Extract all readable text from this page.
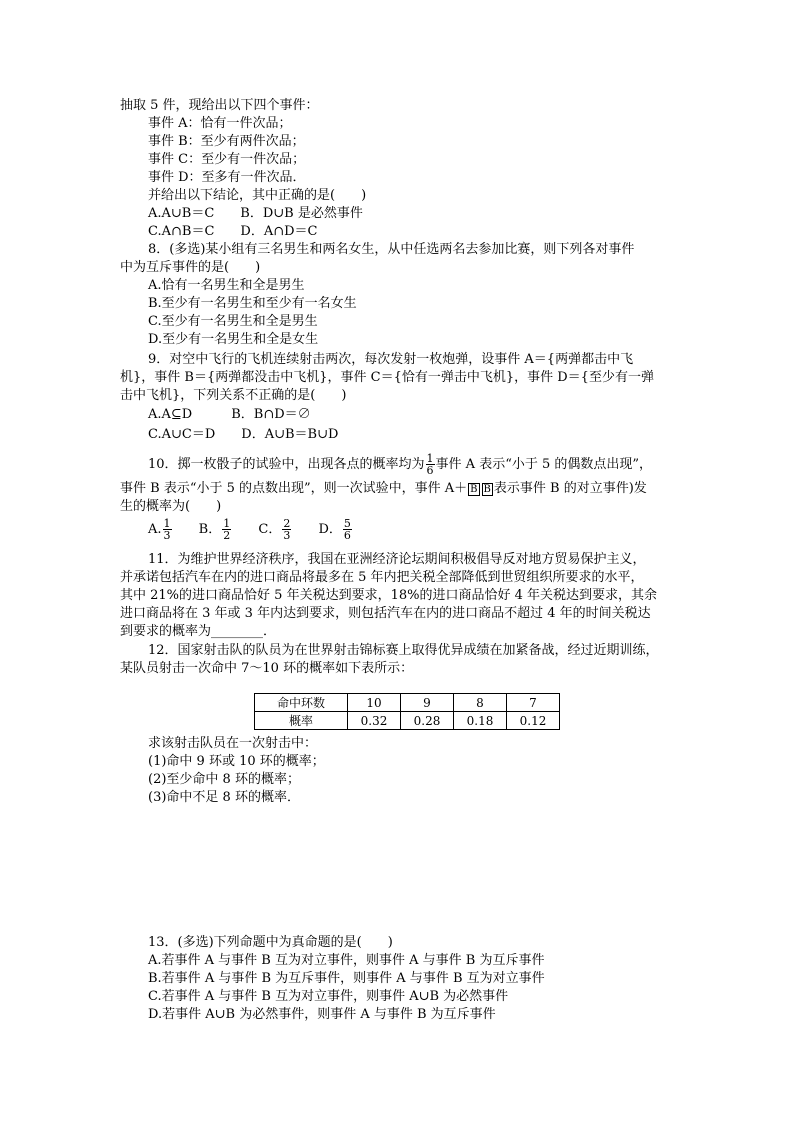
抽取 5 件，现给出以下四个事件：
事件 A：恰有一件次品；
事件 B：至少有两件次品；
事件 C：至少有一件次品；
事件 D：至多有一件次品．
并给出以下结论，其中正确的是(　　)
A.A∪B＝C　　B．D∪B 是必然事件
C.A∩B＝C　　D．A∩D＝C
8．(多选)某小组有三名男生和两名女生，从中任选两名去参加比赛，则下列各对事件
中为互斥事件的是(　　)
A.恰有一名男生和全是男生
B.至少有一名男生和至少有一名女生
C.至少有一名男生和全是男生
D.至少有一名男生和全是女生
9．对空中飞行的飞机连续射击两次，每次发射一枚炮弹，设事件 A＝{两弹都击中飞
机}，事件 B＝{两弹都没击中飞机}，事件 C＝{恰有一弹击中飞机}，事件 D＝{至少有一弹
击中飞机}，下列关系不正确的是(　　)
A.A⊆D　　　B．B∩D＝∅
C.A∪C＝D　　D．A∪B＝B∪D
10．掷一枚骰子的试验中，出现各点的概率均为 $\frac{1}{6}$ 事件 A 表示“小于 5 的偶数点出现”，
事件 B 表示“小于 5 的点数出现”，则一次试验中，事件 A＋ B B 表示事件 B 的对立事件)发
生的概率为(　　)
A. $\frac{1}{3}$ B． $\frac{1}{2}$ C． $\frac{2}{3}$ D． $\frac{5}{6}$
11．为维护世界经济秩序，我国在亚洲经济论坛期间积极倡导反对地方贸易保护主义，
并承诺包括汽车在内的进口商品将最多在 5 年内把关税全部降低到世贸组织所要求的水平，
其中 21%的进口商品恰好 5 年关税达到要求，18%的进口商品恰好 4 年关税达到要求，其余
进口商品将在 3 年或 3 年内达到要求，则包括汽车在内的进口商品不超过 4 年的时间关税达
到要求的概率为________．
12．国家射击队的队员为在世界射击锦标赛上取得优异成绩在加紧备战，经过近期训练，
某队员射击一次命中 7～10 环的概率如下表所示：
命中环数	10	9	8	7
概率	0.32	0.28	0.18	0.12
求该射击队员在一次射击中：
(1)命中 9 环或 10 环的概率；
(2)至少命中 8 环的概率；
(3)命中不足 8 环的概率．
13．(多选)下列命题中为真命题的是(　　)
A.若事件 A 与事件 B 互为对立事件，则事件 A 与事件 B 为互斥事件
B.若事件 A 与事件 B 为互斥事件，则事件 A 与事件 B 互为对立事件
C.若事件 A 与事件 B 互为对立事件，则事件 A∪B 为必然事件
D.若事件 A∪B 为必然事件，则事件 A 与事件 B 为互斥事件
